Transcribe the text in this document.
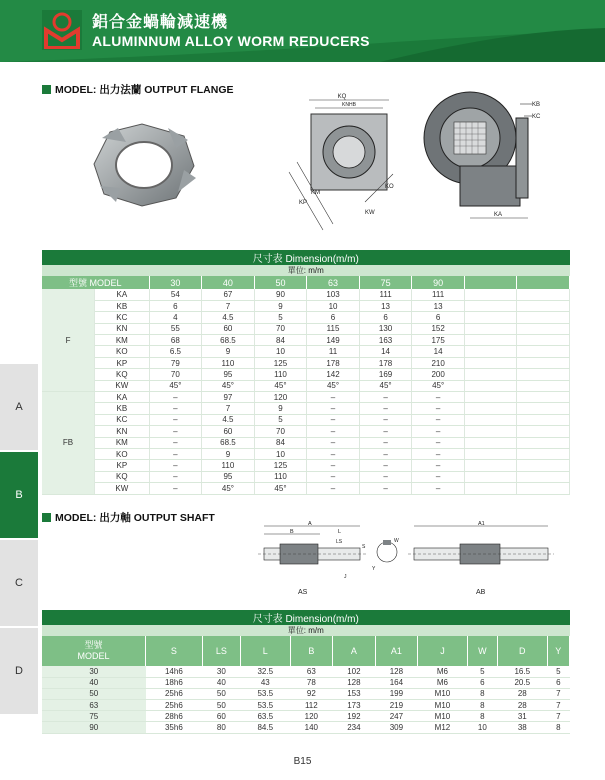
鋁合金蝸輪減速機
ALUMINNUM ALLOY WORM REDUCERS
MODEL: 出力法蘭 OUTPUT FLANGE
KQ
KNHB
KM
KP
KW
KO
KB
KC
KA
尺寸表 Dimension(m/m)									
單位: m/m									
型號 MODEL		30	40	50	63	75	90		
F	KA	54	67	90	103	111	111		
	KB	6	7	9	10	13	13		
	KC	4	4.5	5	6	6	6		
	KN	55	60	70	115	130	152		
	KM	68	68.5	84	149	163	175		
	KO	6.5	9	10	11	14	14		
	KP	79	110	125	178	178	210		
	KQ	70	95	110	142	169	200		
	KW	45°	45°	45°	45°	45°	45°		
FB	KA	–	97	120	–	–	–		
	KB	–	7	9	–	–	–		
	KC	–	4.5	5	–	–	–		
	KN	–	60	70	–	–	–		
	KM	–	68.5	84	–	–	–		
	KO	–	9	10	–	–	–		
	KP	–	110	125	–	–	–		
	KQ	–	95	110	–	–	–		
	KW	–	45°	45°	–	–	–		
A
B
C
D
MODEL: 出力軸 OUTPUT SHAFT	A
B	L
LS
S
J
AS
W
Y
A1
AB
尺寸表 Dimension(m/m)										
單位: m/m										
型號
MODEL	S	LS	L	B	A	A1	J	W	D	Y
30	14h6	30	32.5	63	102	128	M6	5	16.5	5
40	18h6	40	43	78	128	164	M6	6	20.5	6
50	25h6	50	53.5	92	153	199	M10	8	28	7
63	25h6	50	53.5	112	173	219	M10	8	28	7
75	28h6	60	63.5	120	192	247	M10	8	31	7
90	35h6	80	84.5	140	234	309	M12	10	38	8
B15
